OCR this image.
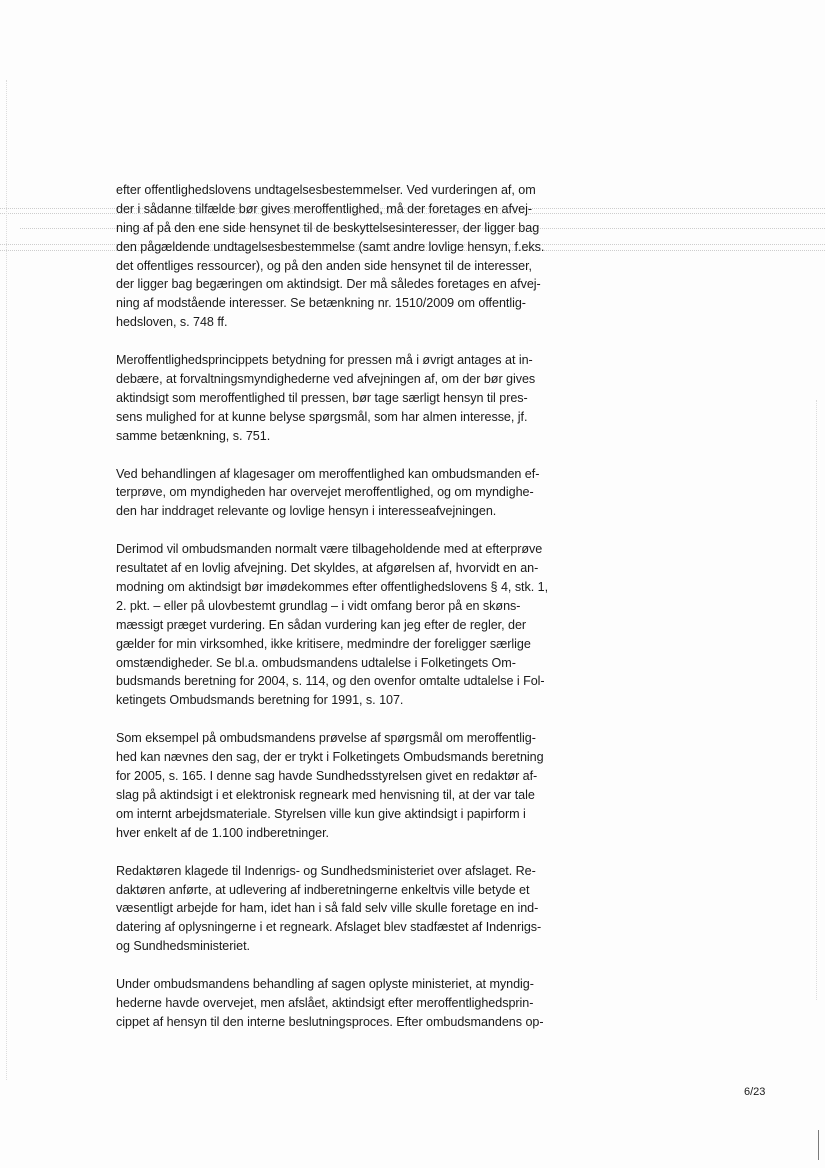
efter offentlighedslovens undtagelsesbestemmelser. Ved vurderingen af, om
der i sådanne tilfælde bør gives meroffentlighed, må der foretages en afvej-
ning af på den ene side hensynet til de beskyttelsesinteresser, der ligger bag
den pågældende undtagelsesbestemmelse (samt andre lovlige hensyn, f.eks.
det offentliges ressourcer), og på den anden side hensynet til de interesser,
der ligger bag begæringen om aktindsigt. Der må således foretages en afvej-
ning af modstående interesser. Se betænkning nr. 1510/2009 om offentlig-
hedsloven, s. 748 ff.
Meroffentlighedsprincippets betydning for pressen må i øvrigt antages at in-
debære, at forvaltningsmyndighederne ved afvejningen af, om der bør gives
aktindsigt som meroffentlighed til pressen, bør tage særligt hensyn til pres-
sens mulighed for at kunne belyse spørgsmål, som har almen interesse, jf.
samme betænkning, s. 751.
Ved behandlingen af klagesager om meroffentlighed kan ombudsmanden ef-
terprøve, om myndigheden har overvejet meroffentlighed, og om myndighe-
den har inddraget relevante og lovlige hensyn i interesseafvejningen.
Derimod vil ombudsmanden normalt være tilbageholdende med at efterprøve
resultatet af en lovlig afvejning. Det skyldes, at afgørelsen af, hvorvidt en an-
modning om aktindsigt bør imødekommes efter offentlighedslovens § 4, stk. 1,
2. pkt. – eller på ulovbestemt grundlag – i vidt omfang beror på en skøns-
mæssigt præget vurdering. En sådan vurdering kan jeg efter de regler, der
gælder for min virksomhed, ikke kritisere, medmindre der foreligger særlige
omstændigheder. Se bl.a. ombudsmandens udtalelse i Folketingets Om-
budsmands beretning for 2004, s. 114, og den ovenfor omtalte udtalelse i Fol-
ketingets Ombudsmands beretning for 1991, s. 107.
Som eksempel på ombudsmandens prøvelse af spørgsmål om meroffentlig-
hed kan nævnes den sag, der er trykt i Folketingets Ombudsmands beretning
for 2005, s. 165. I denne sag havde Sundhedsstyrelsen givet en redaktør af-
slag på aktindsigt i et elektronisk regneark med henvisning til, at der var tale
om internt arbejdsmateriale. Styrelsen ville kun give aktindsigt i papirform i
hver enkelt af de 1.100 indberetninger.
Redaktøren klagede til Indenrigs- og Sundhedsministeriet over afslaget. Re-
daktøren anførte, at udlevering af indberetningerne enkeltvis ville betyde et
væsentligt arbejde for ham, idet han i så fald selv ville skulle foretage en ind-
datering af oplysningerne i et regneark. Afslaget blev stadfæstet af Indenrigs-
og Sundhedsministeriet.
Under ombudsmandens behandling af sagen oplyste ministeriet, at myndig-
hederne havde overvejet, men afslået, aktindsigt efter meroffentlighedsprin-
cippet af hensyn til den interne beslutningsproces. Efter ombudsmandens op-
6/23
